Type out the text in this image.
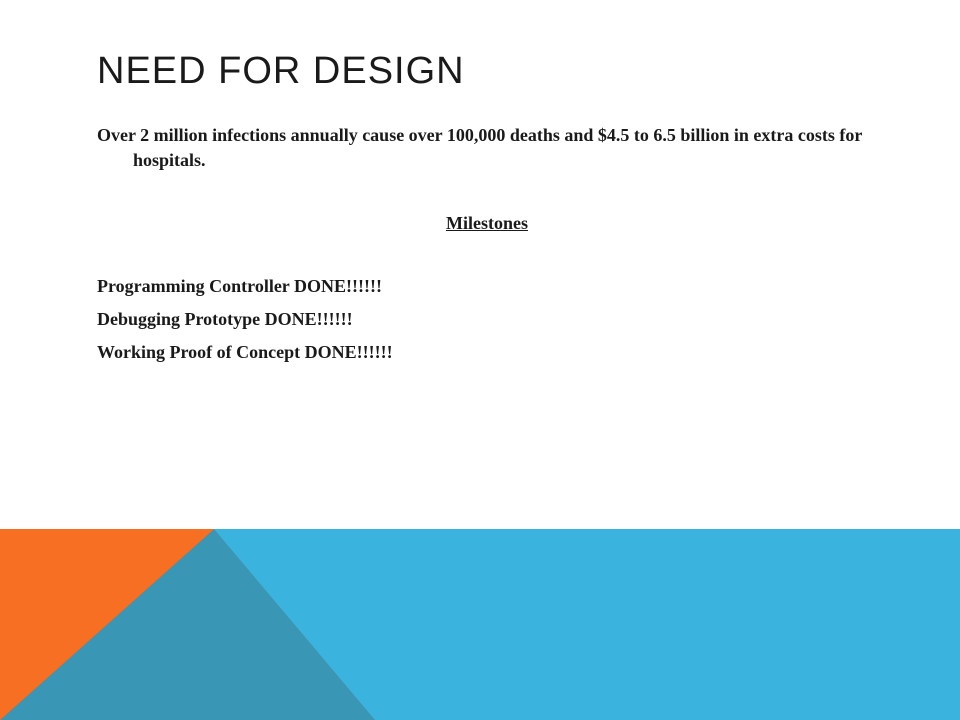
NEED FOR DESIGN

Over 2 million infections annually cause over 100,000 deaths and $4.5 to 6.5 billion in extra costs for hospitals.

Milestones

Programming Controller DONE!!!!!!

Debugging Prototype DONE!!!!!!

Working Proof of Concept DONE!!!!!!
